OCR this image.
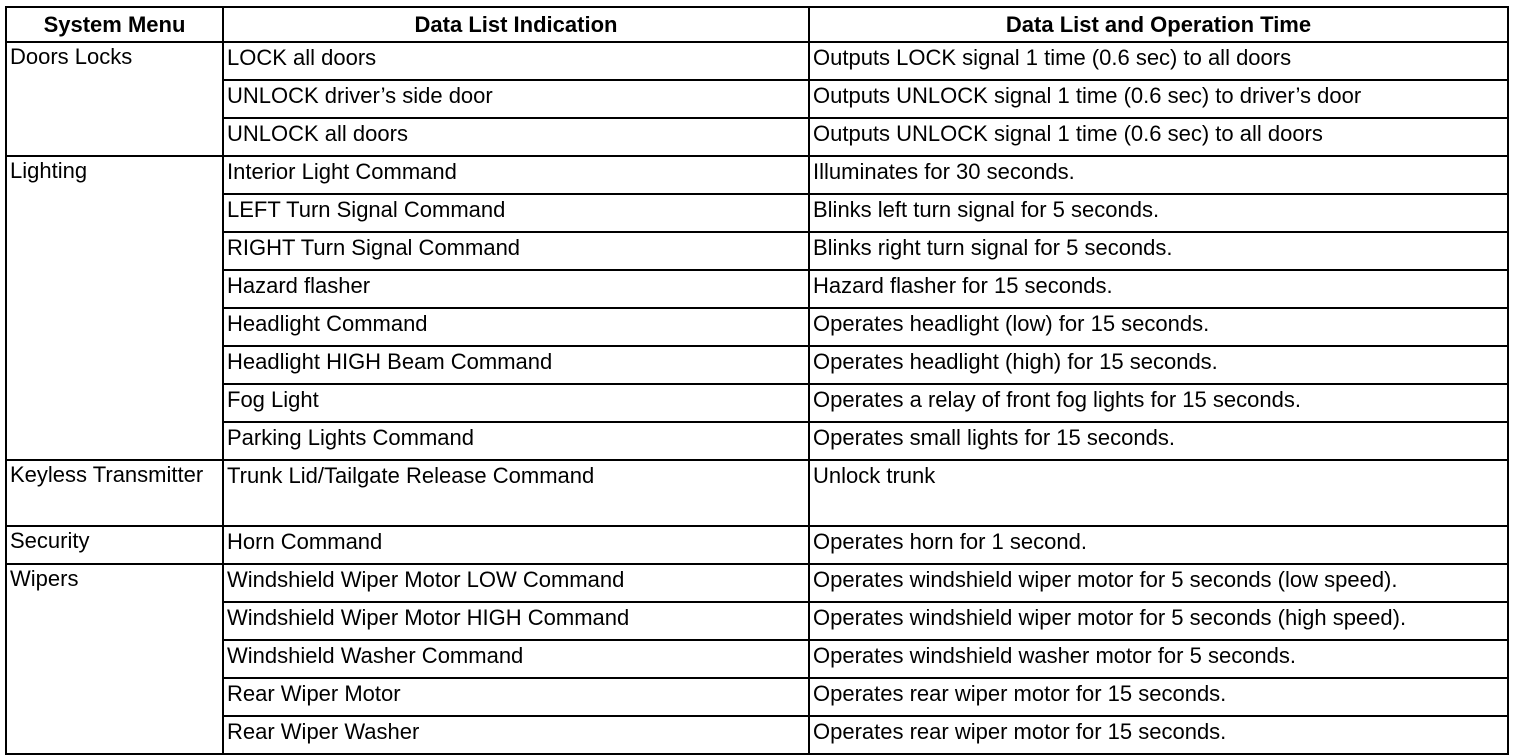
System Menu	Data List Indication	Data List and Operation Time
Doors Locks	LOCK all doors	Outputs LOCK signal 1 time (0.6 sec) to all doors
	UNLOCK driver’s side door	Outputs UNLOCK signal 1 time (0.6 sec) to driver’s door
	UNLOCK all doors	Outputs UNLOCK signal 1 time (0.6 sec) to all doors
Lighting	Interior Light Command	Illuminates for 30 seconds.
	LEFT Turn Signal Command	Blinks left turn signal for 5 seconds.
	RIGHT Turn Signal Command	Blinks right turn signal for 5 seconds.
	Hazard flasher	Hazard flasher for 15 seconds.
	Headlight Command	Operates headlight (low) for 15 seconds.
	Headlight HIGH Beam Command	Operates headlight (high) for 15 seconds.
	Fog Light	Operates a relay of front fog lights for 15 seconds.
	Parking Lights Command	Operates small lights for 15 seconds.
Keyless Transmitter	Trunk Lid/Tailgate Release Command	Unlock trunk
Security	Horn Command	Operates horn for 1 second.
Wipers	Windshield Wiper Motor LOW Command	Operates windshield wiper motor for 5 seconds (low speed).
	Windshield Wiper Motor HIGH Command	Operates windshield wiper motor for 5 seconds (high speed).
	Windshield Washer Command	Operates windshield washer motor for 5 seconds.
	Rear Wiper Motor	Operates rear wiper motor for 15 seconds.
	Rear Wiper Washer	Operates rear wiper motor for 15 seconds.
